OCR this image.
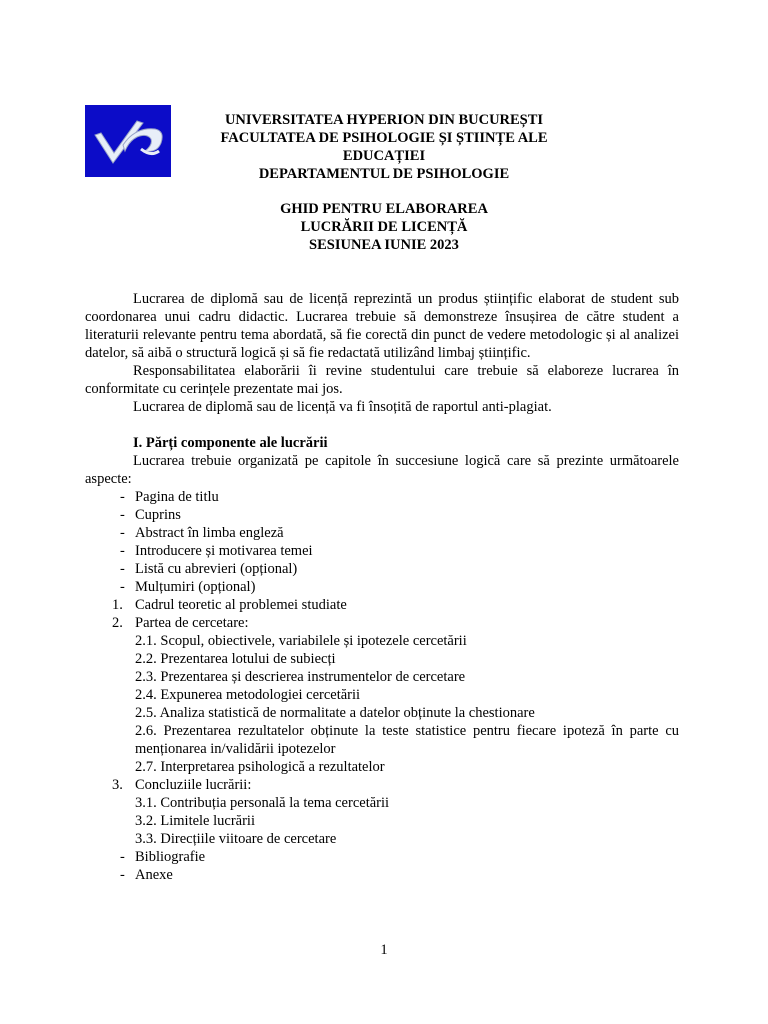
UNIVERSITATEA HYPERION DIN BUCUREȘTI
FACULTATEA DE PSIHOLOGIE ȘI ȘTIINȚE ALE EDUCAȚIEI
DEPARTAMENTUL DE PSIHOLOGIE
GHID PENTRU ELABORAREA
LUCRĂRII DE LICENȚĂ
SESIUNEA IUNIE 2023

Lucrarea de diplomă sau de licență reprezintă un produs științific elaborat de student sub coordonarea unui cadru didactic. Lucrarea trebuie să demonstreze însușirea de către student a literaturii relevante pentru tema abordată, să fie corectă din punct de vedere metodologic și al analizei datelor, să aibă o structură logică și să fie redactată utilizând limbaj științific.

Responsabilitatea elaborării îi revine studentului care trebuie să elaboreze lucrarea în conformitate cu cerințele prezentate mai jos.

Lucrarea de diplomă sau de licență va fi însoțită de raportul anti-plagiat.

I. Părți componente ale lucrării

Lucrarea trebuie organizată pe capitole în succesiune logică care să prezinte următoarele aspecte:

- Pagina de titlu
- Cuprins
- Abstract în limba engleză
- Introducere și motivarea temei
- Listă cu abrevieri (opțional)
- Mulțumiri (opțional)
1. Cadrul teoretic al problemei studiate
2. Partea de cercetare:
2.1. Scopul, obiectivele, variabilele și ipotezele cercetării
2.2. Prezentarea lotului de subiecți
2.3. Prezentarea și descrierea instrumentelor de cercetare
2.4. Expunerea metodologiei cercetării
2.5. Analiza statistică de normalitate a datelor obținute la chestionare
2.6. Prezentarea rezultatelor obținute la teste statistice pentru fiecare ipoteză în parte cu menționarea in/validării ipotezelor
2.7. Interpretarea psihologică a rezultatelor
3. Concluziile lucrării:
3.1. Contribuția personală la tema cercetării
3.2. Limitele lucrării
3.3. Direcțiile viitoare de cercetare
- Bibliografie
- Anexe
1
